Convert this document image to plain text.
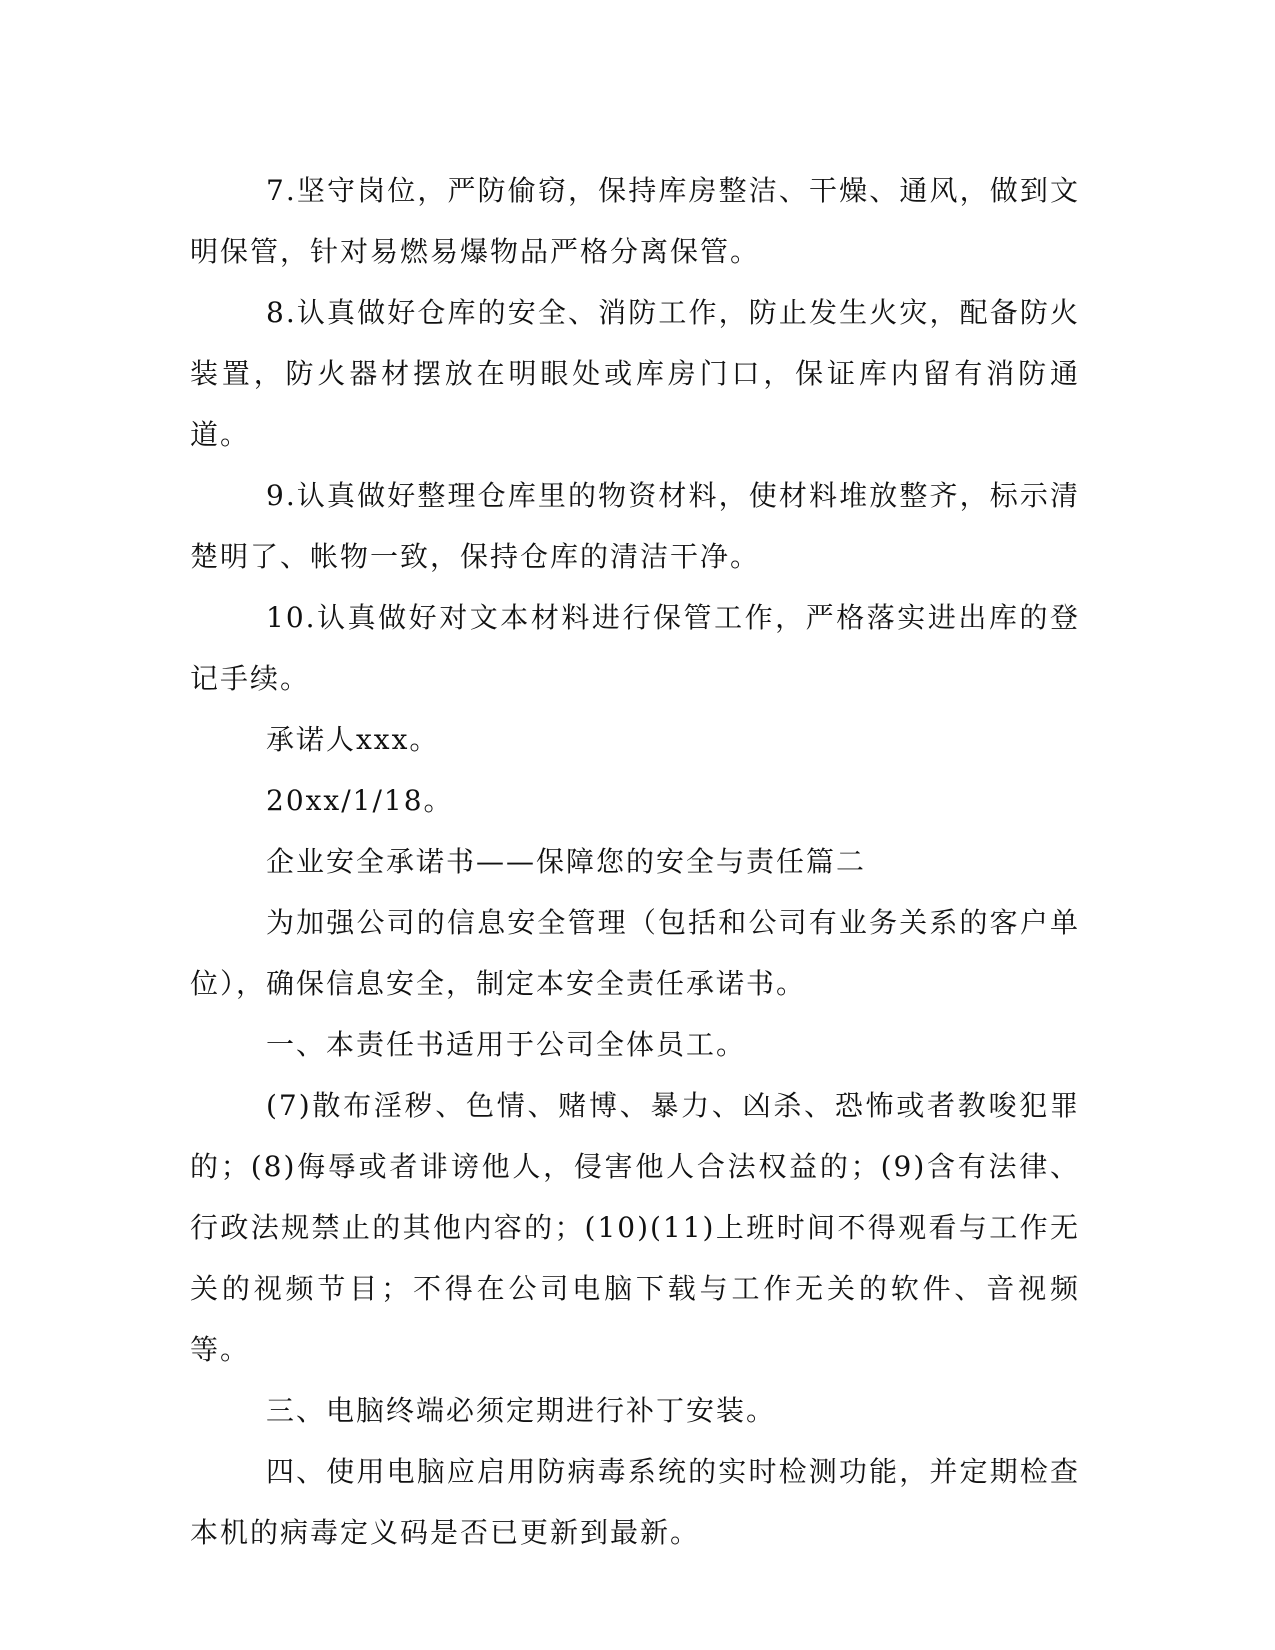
7.坚守岗位，严防偷窃，保持库房整洁、干燥、通风，做到文明保管，针对易燃易爆物品严格分离保管。

8.认真做好仓库的安全、消防工作，防止发生火灾，配备防火装置，防火器材摆放在明眼处或库房门口，保证库内留有消防通道。

9.认真做好整理仓库里的物资材料，使材料堆放整齐，标示清楚明了、帐物一致，保持仓库的清洁干净。

10.认真做好对文本材料进行保管工作，严格落实进出库的登记手续。

承诺人xxx。

20xx/1/18。

企业安全承诺书——保障您的安全与责任篇二

为加强公司的信息安全管理（包括和公司有业务关系的客户单位），确保信息安全，制定本安全责任承诺书。

一、本责任书适用于公司全体员工。

(7)散布淫秽、色情、赌博、暴力、凶杀、恐怖或者教唆犯罪的；(8)侮辱或者诽谤他人，侵害他人合法权益的；(9)含有法律、行政法规禁止的其他内容的；(10)(11)上班时间不得观看与工作无关的视频节目；不得在公司电脑下载与工作无关的软件、音视频等。

三、电脑终端必须定期进行补丁安装。

四、使用电脑应启用防病毒系统的实时检测功能，并定期检查本机的病毒定义码是否已更新到最新。
